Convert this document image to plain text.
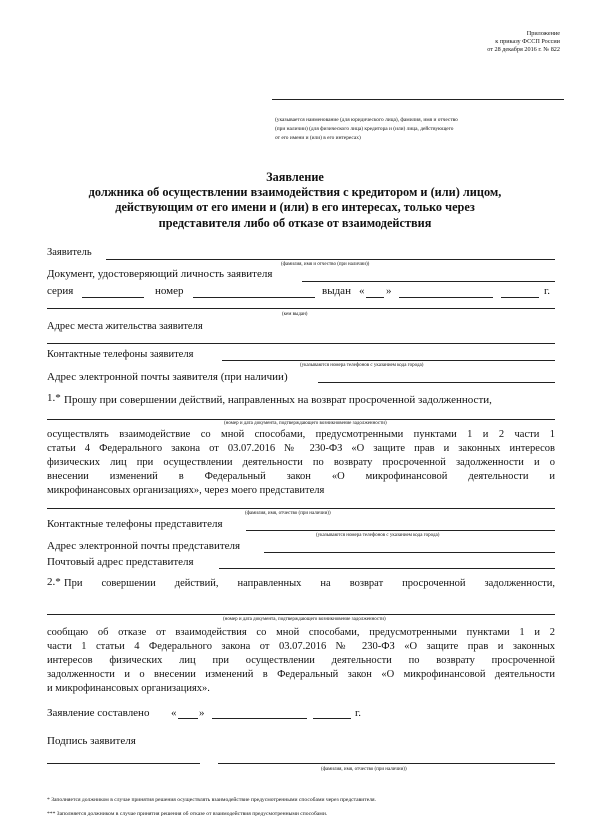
Приложение
к приказу ФССП России
от 28 декабря 2016 г. № 822
(указывается наименование (для юридического лица), фамилия, имя и отчество
(при наличии) (для физического лица) кредитора и (или) лица, действующего
от его имени и (или) в его интересах)
Заявление
должника об осуществлении взаимодействия с кредитором и (или) лицом,
действующим от его имени и (или) в его интересах, только через
представителя либо об отказе от взаимодействия
Заявитель
(фамилия, имя и отчество (при наличии))
Документ, удостоверяющий личность заявителя
серия	номер	выдан « »	г.
(кем выдан)
Адрес места жительства заявителя
Контактные телефоны заявителя
(указываются номера телефонов с указанием кода города)
Адрес электронной почты заявителя (при наличии)
1.* Прошу при совершении действий, направленных на возврат просроченной задолженности,
(номер и дата документа, подтверждающего возникновение задолженности)
осуществлять взаимодействие со мной способами, предусмотренными пунктами 1 и 2 части 1
статьи 4 Федерального закона от 03.07.2016 № 230-ФЗ «О защите прав и законных интересов
физических лиц при осуществлении деятельности по возврату просроченной задолженности и о
внесении изменений в Федеральный закон «О микрофинансовой деятельности и
микрофинансовых организациях», через моего представителя
(фамилия, имя, отчество (при наличии))
Контактные телефоны представителя
(указываются номера телефонов с указанием кода города)
Адрес электронной почты представителя
Почтовый адрес представителя
2.* При совершении действий, направленных на возврат просроченной задолженности,
(номер и дата документа, подтверждающего возникновение задолженности)
сообщаю об отказе от взаимодействия со мной способами, предусмотренными пунктами 1 и 2
части 1 статьи 4 Федерального закона от 03.07.2016 № 230-ФЗ «О защите прав и законных
интересов физических лиц при осуществлении деятельности по возврату просроченной
задолженности и о внесении изменений в Федеральный закон «О микрофинансовой деятельности
и микрофинансовых организациях».
Заявление составлено « »	г.
Подпись заявителя
(фамилия, имя, отчество (при наличии))
* Заполняется должником в случае принятия решения осуществлять взаимодействие предусмотренными способами через представителя.
*** Заполняется должником в случае принятия решения об отказе от взаимодействия предусмотренными способами.
